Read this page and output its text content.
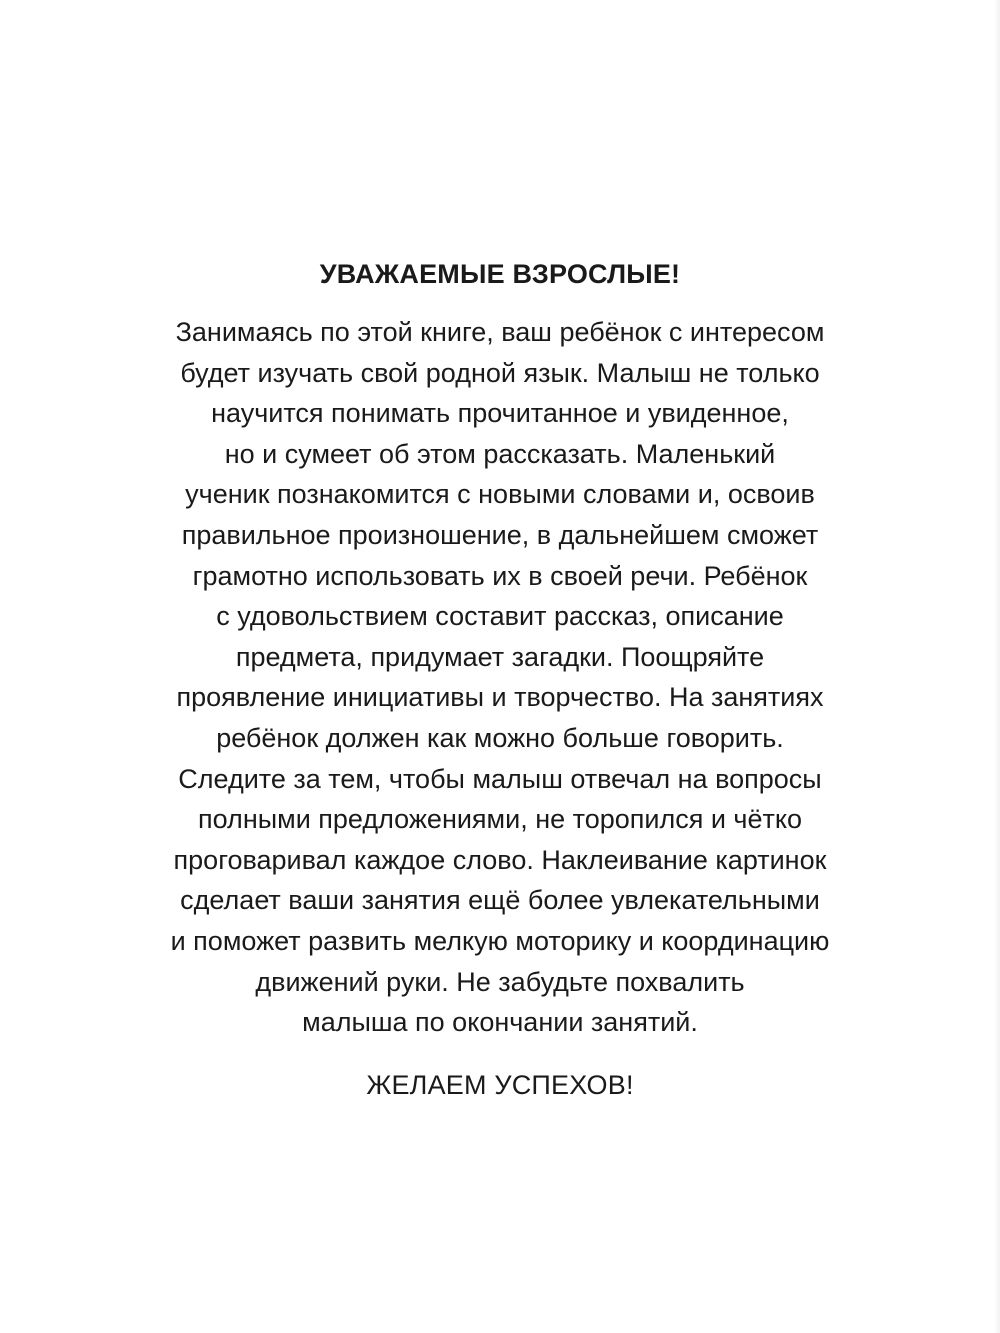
УВАЖАЕМЫЕ ВЗРОСЛЫЕ!
Занимаясь по этой книге, ваш ребёнок с интересом
будет изучать свой родной язык. Малыш не только
научится понимать прочитанное и увиденное,
но и сумеет об этом рассказать. Маленький
ученик познакомится с новыми словами и, освоив
правильное произношение, в дальнейшем сможет
грамотно использовать их в своей речи. Ребёнок
с удовольствием составит рассказ, описание
предмета, придумает загадки. Поощряйте
проявление инициативы и творчество. На занятиях
ребёнок должен как можно больше говорить.
Следите за тем, чтобы малыш отвечал на вопросы
полными предложениями, не торопился и чётко
проговаривал каждое слово. Наклеивание картинок
сделает ваши занятия ещё более увлекательными
и поможет развить мелкую моторику и координацию
движений руки. Не забудьте похвалить
малыша по окончании занятий.

ЖЕЛАЕМ УСПЕХОВ!
